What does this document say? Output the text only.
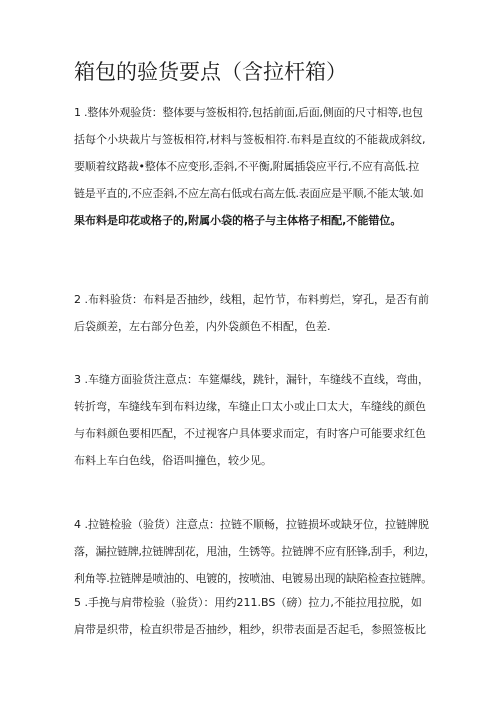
箱包的验货要点（含拉杆箱）
1 .整体外观验货：整体要与签板相符,包括前面,后面,侧面的尺寸相等,也包
括每个小块裁片与签板相符,材料与签板相符.布料是直纹的不能裁成斜纹,
要顺着纹路裁•整体不应变形,歪斜,不平衡,附属插袋应平行,不应有高低.拉
链是平直的,不应歪斜,不应左高右低或右高左低.表面应是平顺,不能太皱.如
果布料是印花或格子的,附属小袋的格子与主体格子相配,不能错位。
2 .布料验货：布料是否抽纱，线粗，起竹节，布料剪烂，穿孔，是否有前
后袋颜差，左右部分色差，内外袋颜色不相配，色差.
3 .车缝方面验货注意点：车筵爆线，跳针，漏针，车缝线不直线，弯曲，
转折弯，车缝线车到布料边缘，车缝止口太小或止口太大，车缝线的颜色
与布料颜色要相匹配，不过视客户具体要求而定，有时客户可能要求红色
布料上车白色线，俗语叫撞色，较少见。
4 .拉链检验（验货）注意点：拉链不顺畅，拉链损坏或缺牙位，拉链牌脱
落，漏拉链牌,拉链牌刮花，甩油，生锈等。拉链牌不应有胚锋,刮手，利边，
利角等.拉链牌是喷油的、电镀的，按喷油、电镀易出现的缺陷检查拉链牌。
5 .手挽与肩带检验（验货）：用约211.BS（磅）拉力,不能拉甩拉脱，如
肩带是织带，检直织带是否抽纱，粗纱，织带表面是否起毛，参照签板比
